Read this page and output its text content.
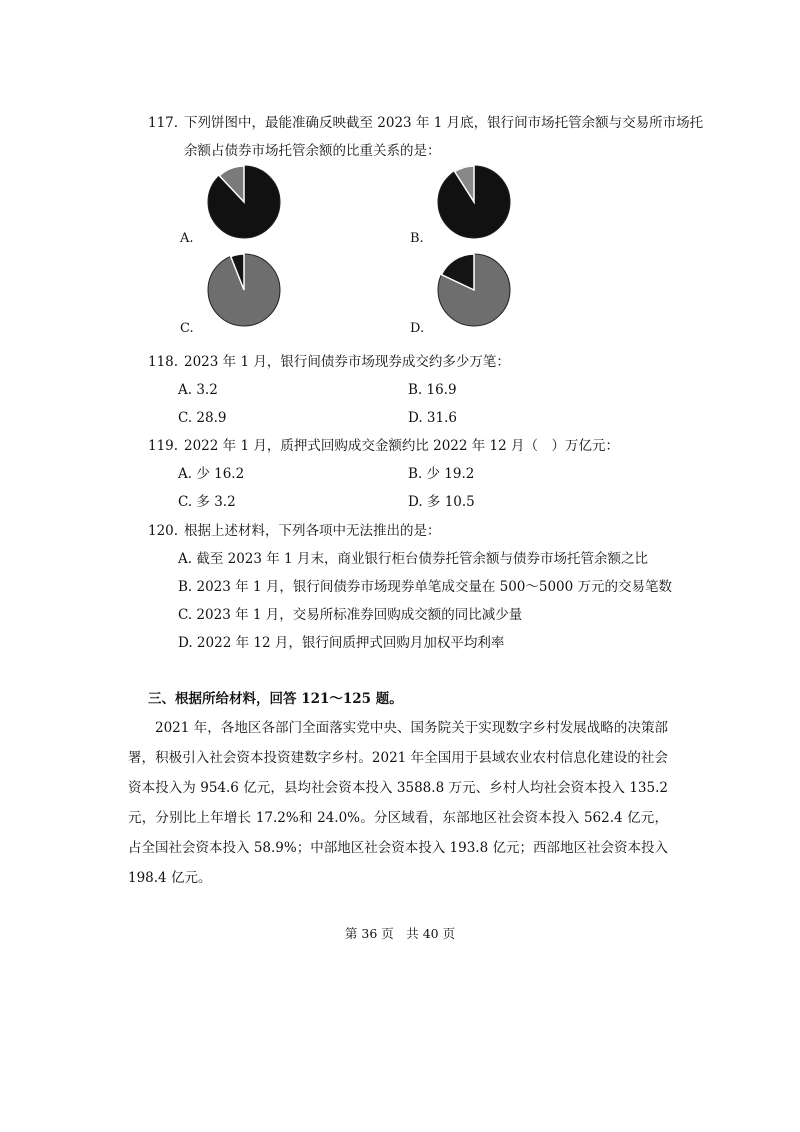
117. 下列饼图中，最能准确反映截至 2023 年 1 月底，银行间市场托管余额与交易所市场托
余额占债券市场托管余额的比重关系的是：
A.	B.
C.	D.
118. 2023 年 1 月，银行间债券市场现券成交约多少万笔：
A. 3.2	B. 16.9
C. 28.9	D. 31.6
119. 2022 年 1 月，质押式回购成交金额约比 2022 年 12 月（　）万亿元：
A. 少 16.2	B. 少 19.2
C. 多 3.2	D. 多 10.5
120. 根据上述材料，下列各项中无法推出的是：
A. 截至 2023 年 1 月末，商业银行柜台债券托管余额与债券市场托管余额之比
B. 2023 年 1 月，银行间债券市场现券单笔成交量在 500～5000 万元的交易笔数
C. 2023 年 1 月，交易所标准券回购成交额的同比减少量
D. 2022 年 12 月，银行间质押式回购月加权平均利率
三、根据所给材料，回答 121～125 题。
2021 年，各地区各部门全面落实党中央、国务院关于实现数字乡村发展战略的决策部署，积极引入社会资本投资建数字乡村。2021 年全国用于县域农业农村信息化建设的社会资本投入为 954.6 亿元，县均社会资本投入 3588.8 万元、乡村人均社会资本投入 135.2 元，分别比上年增长 17.2%和 24.0%。分区域看，东部地区社会资本投入 562.4 亿元，占全国社会资本投入 58.9%；中部地区社会资本投入 193.8 亿元；西部地区社会资本投入 198.4 亿元。
第 36 页　共 40 页
